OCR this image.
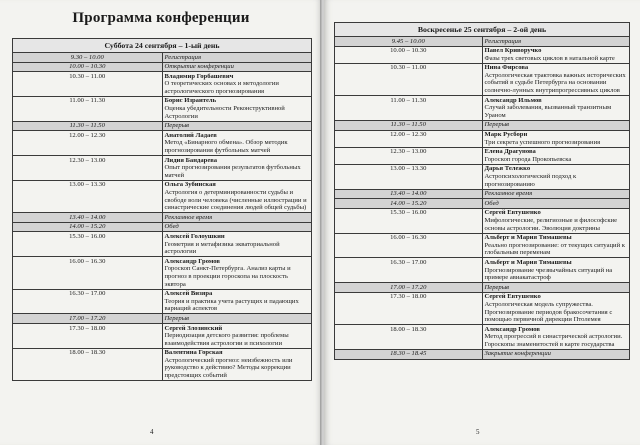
Программа конференции
Суббота 24 сентября – 1-ый день	
9.30 – 10.00	Регистрация

10.00 – 10.30	Открытие конференции

10.30 – 11.00	Владимир Горбашевич
О теоретических основах и методологии астрологического прогнозирования

11.00 – 11.30	Борис Израитель
Оценка убедительности Реконструктивной Астрологии

11.30 – 11.50	Перерыв

12.00 – 12.30	Анатолий Ладаев
Метод «Бинарного обмена». Обзор методик прогнозирования футбольных матчей

12.30 – 13.00	Лидия Бандарева
Опыт прогнозирования результатов футбольных матчей

13.00 – 13.30	Ольга Зубинская
Астрология о детерминированности судьбы и свободе воли человека (численные иллюстрации и синастрические соединения людей общей судьбы)

13.40 – 14.00	Рекламное время

14.00 – 15.20	Обед

15.30 – 16.00	Алексей Голоушкин
Геометрия и метафизика экваториальной астрологии

16.00 – 16.30	Александр Громов
Гороскоп Санкт-Петербурга. Анализ карты и прогноз в проекции гороскопа на плоскость эквтора

16.30 – 17.00	Алексей Визяра
Теория и практика учета растущих и падающих вариаций аспектов

17.00 – 17.20	Перерыв

17.30 – 18.00	Сергей Злозинский
Периодизация детского развития: проблемы взаимодействия астрологии и психологии

18.00 – 18.30	Валентина Горская
Астрологический прогноз: неизбежность или руководство к действию? Методы коррекции предстоящих событий
4
Воскресенье 25 сентября – 2-ой день	
9.45 – 10.00	Регистрация

10.00 – 10.30	Павел Криворучко
Фазы трех световых циклов в натальной карте

10.30 – 11.00	Нина Фирсова
Астрологическая трактовка важных исторических событий в судьбе Петербурга на основании солнечно-лунных внутрипрогрессивных циклов

11.00 – 11.30	Александр Ильмов
Случай заболевания, вызванный транзитным Ураном

11.30 – 11.50	Перерыв

12.00 – 12.30	Марк Русборн
Три секрета успешного прогнозирования

12.30 – 13.00	Елена Драгунова
Гороскоп города Прокопьевска

13.00 – 13.30	Дарья Тележко
Астропсихологический подход к прогнозированию

13.40 – 14.00	Рекламное время

14.00 – 15.20	Обед

15.30 – 16.00	Сергей Евтушенко
Мифологические, религиозные и философские основы астрологии. Эволюция доктрины

16.00 – 16.30	Альберт и Мария Тимашевы
Реально прогнозирование: от текущих ситуаций к глобальным переменам

16.30 – 17.00	Альберт и Мария Тимашевы
Прогнозирование чрезвычайных ситуаций на примере авиакатастроф

17.00 – 17.20	Перерыв

17.30 – 18.00	Сергей Евтушенко
Астрологическая модель супружества. Прогнозирование периодов бракосочетания с помощью первичной дирекции Птолемея

18.00 – 18.30	Александр Громов
Метод прогрессий в синастрической астрологии. Гороскопы знаменитостей в карте государства

18.30 – 18.45	Закрытие конференции
5
